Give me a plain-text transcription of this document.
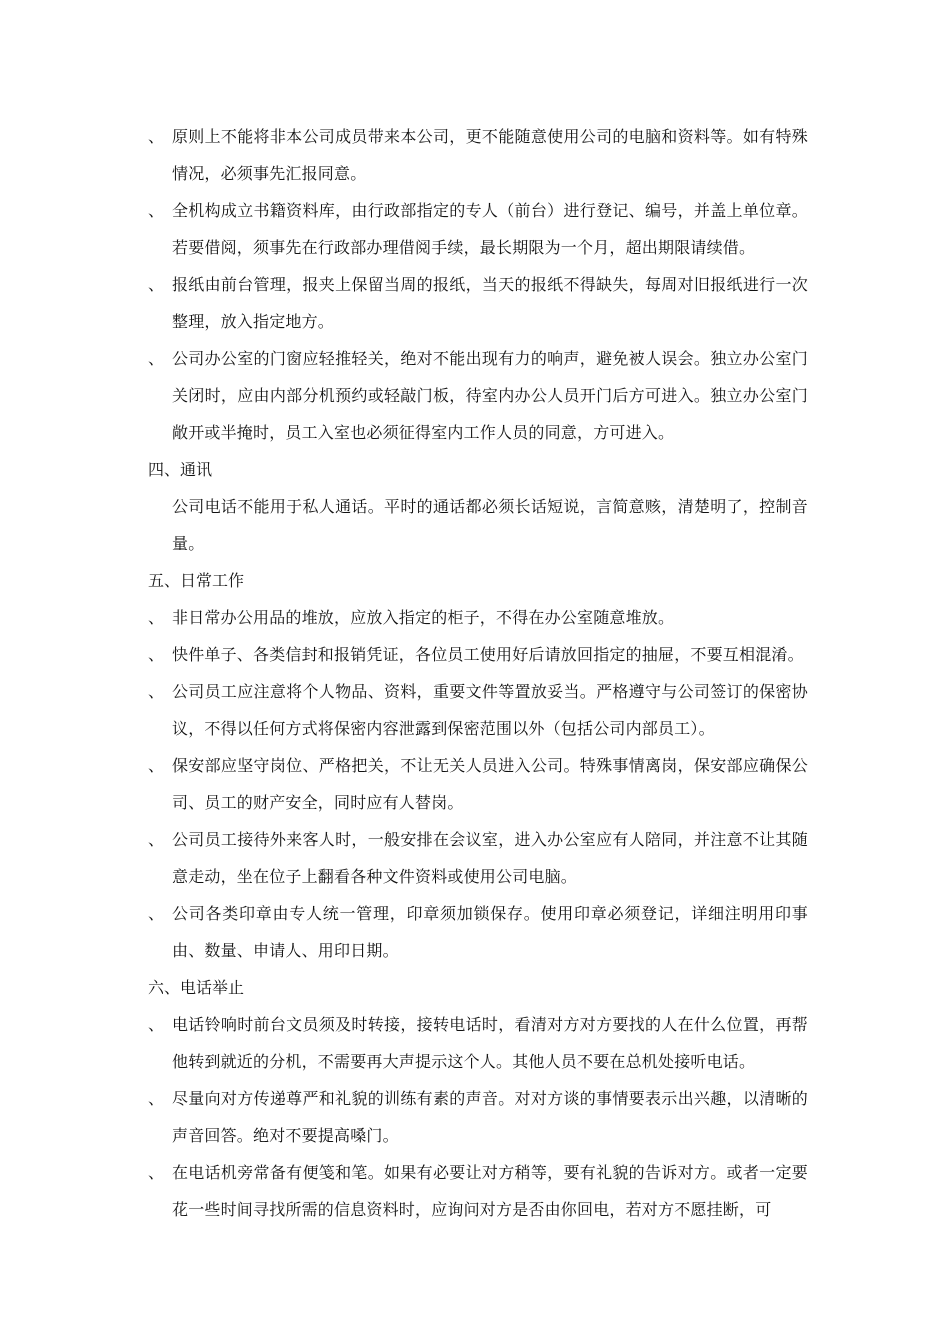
、 原则上不能将非本公司成员带来本公司，更不能随意使用公司的电脑和资料等。如有特殊情况，必须事先汇报同意。
、 全机构成立书籍资料库，由行政部指定的专人（前台）进行登记、编号，并盖上单位章。若要借阅，须事先在行政部办理借阅手续，最长期限为一个月，超出期限请续借。
、 报纸由前台管理，报夹上保留当周的报纸，当天的报纸不得缺失，每周对旧报纸进行一次整理，放入指定地方。
、 公司办公室的门窗应轻推轻关，绝对不能出现有力的响声，避免被人误会。独立办公室门关闭时，应由内部分机预约或轻敲门板，待室内办公人员开门后方可进入。独立办公室门敞开或半掩时，员工入室也必须征得室内工作人员的同意，方可进入。
四、通讯
公司电话不能用于私人通话。平时的通话都必须长话短说，言简意赅，清楚明了，控制音量。
五、日常工作
、 非日常办公用品的堆放，应放入指定的柜子，不得在办公室随意堆放。
、 快件单子、各类信封和报销凭证，各位员工使用好后请放回指定的抽屉，不要互相混淆。
、 公司员工应注意将个人物品、资料，重要文件等置放妥当。严格遵守与公司签订的保密协议，不得以任何方式将保密内容泄露到保密范围以外（包括公司内部员工）。
、 保安部应坚守岗位、严格把关，不让无关人员进入公司。特殊事情离岗，保安部应确保公司、员工的财产安全，同时应有人替岗。
、 公司员工接待外来客人时，一般安排在会议室，进入办公室应有人陪同，并注意不让其随意走动，坐在位子上翻看各种文件资料或使用公司电脑。
、 公司各类印章由专人统一管理，印章须加锁保存。使用印章必须登记，详细注明用印事由、数量、申请人、用印日期。
六、电话举止
、 电话铃响时前台文员须及时转接，接转电话时，看清对方对方要找的人在什么位置，再帮他转到就近的分机，不需要再大声提示这个人。其他人员不要在总机处接听电话。
、 尽量向对方传递尊严和礼貌的训练有素的声音。对对方谈的事情要表示出兴趣，以清晰的声音回答。绝对不要提高嗓门。
、 在电话机旁常备有便笺和笔。如果有必要让对方稍等，要有礼貌的告诉对方。或者一定要花一些时间寻找所需的信息资料时，应询问对方是否由你回电，若对方不愿挂断，可
